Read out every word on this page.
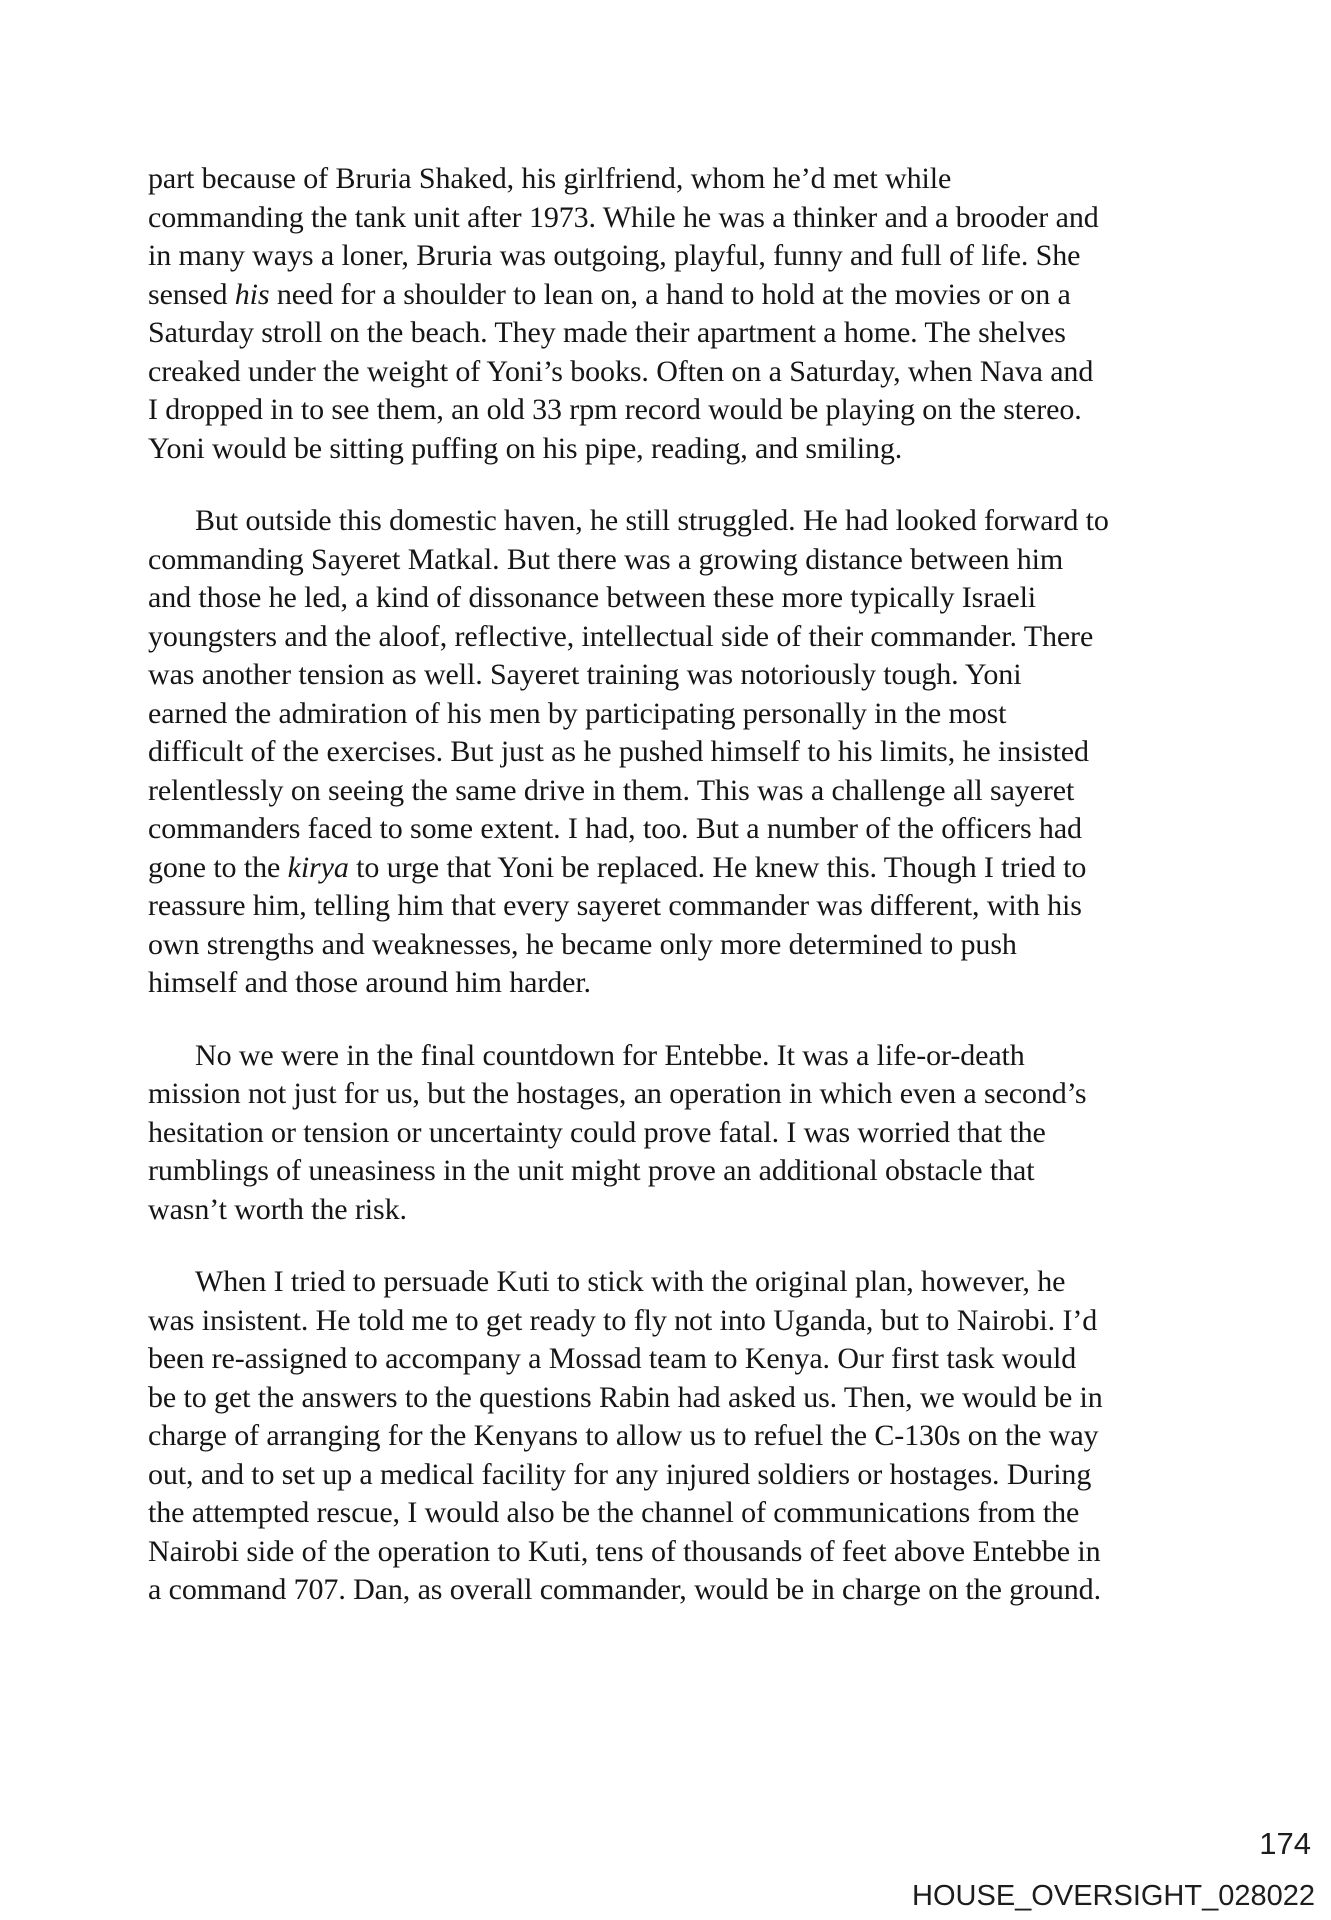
part because of Bruria Shaked, his girlfriend, whom he’d met while
commanding the tank unit after 1973. While he was a thinker and a brooder and
in many ways a loner, Bruria was outgoing, playful, funny and full of life. She
sensed his need for a shoulder to lean on, a hand to hold at the movies or on a
Saturday stroll on the beach. They made their apartment a home. The shelves
creaked under the weight of Yoni’s books. Often on a Saturday, when Nava and
I dropped in to see them, an old 33 rpm record would be playing on the stereo.
Yoni would be sitting puffing on his pipe, reading, and smiling.
But outside this domestic haven, he still struggled. He had looked forward to
commanding Sayeret Matkal. But there was a growing distance between him
and those he led, a kind of dissonance between these more typically Israeli
youngsters and the aloof, reflective, intellectual side of their commander. There
was another tension as well. Sayeret training was notoriously tough. Yoni
earned the admiration of his men by participating personally in the most
difficult of the exercises. But just as he pushed himself to his limits, he insisted
relentlessly on seeing the same drive in them. This was a challenge all sayeret
commanders faced to some extent. I had, too. But a number of the officers had
gone to the kirya to urge that Yoni be replaced. He knew this. Though I tried to
reassure him, telling him that every sayeret commander was different, with his
own strengths and weaknesses, he became only more determined to push
himself and those around him harder.
No we were in the final countdown for Entebbe. It was a life-or-death
mission not just for us, but the hostages, an operation in which even a second’s
hesitation or tension or uncertainty could prove fatal. I was worried that the
rumblings of uneasiness in the unit might prove an additional obstacle that
wasn’t worth the risk.
When I tried to persuade Kuti to stick with the original plan, however, he
was insistent. He told me to get ready to fly not into Uganda, but to Nairobi. I’d
been re-assigned to accompany a Mossad team to Kenya. Our first task would
be to get the answers to the questions Rabin had asked us. Then, we would be in
charge of arranging for the Kenyans to allow us to refuel the C-130s on the way
out, and to set up a medical facility for any injured soldiers or hostages. During
the attempted rescue, I would also be the channel of communications from the
Nairobi side of the operation to Kuti, tens of thousands of feet above Entebbe in
a command 707. Dan, as overall commander, would be in charge on the ground.
174
HOUSE_OVERSIGHT_028022
